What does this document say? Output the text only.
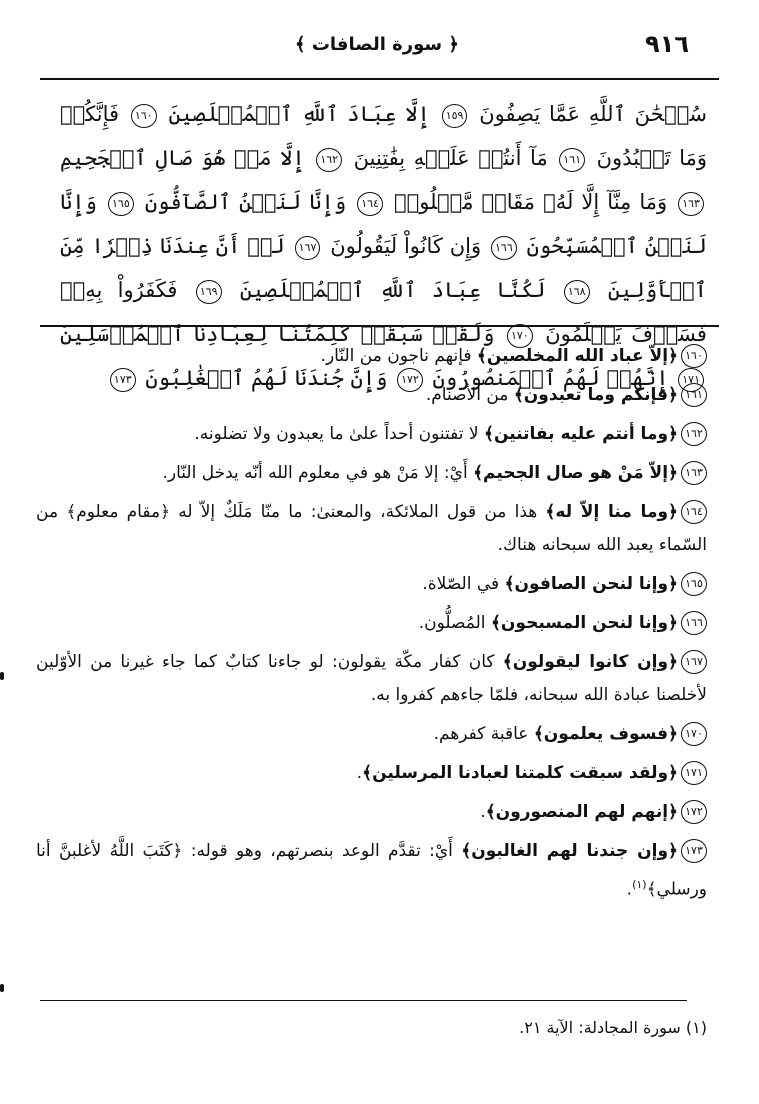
﴿ سورة الصافات ﴾	٩١٦
سُبۡحَٰنَ ٱللَّهِ عَمَّا يَصِفُونَ ١٥٩ إِلَّا عِبَادَ ٱللَّهِ ٱلۡمُخۡلَصِينَ ١٦٠ فَإِنَّكُمۡ وَمَا تَعۡبُدُونَ ١٦١ مَآ أَنتُمۡ عَلَيۡهِ بِفَٰتِنِينَ ١٦٢ إِلَّا مَنۡ هُوَ صَالِ ٱلۡجَحِيمِ ١٦٣ وَمَا مِنَّآ إِلَّا لَهُۥ مَقَامٞ مَّعۡلُومٞ ١٦٤ وَإِنَّا لَنَحۡنُ ٱلصَّآفُّونَ ١٦٥ وَإِنَّا لَنَحۡنُ ٱلۡمُسَبِّحُونَ ١٦٦ وَإِن كَانُواْ لَيَقُولُونَ ١٦٧ لَوۡ أَنَّ عِندَنَا ذِكۡرٗا مِّنَ ٱلۡأَوَّلِينَ ١٦٨ لَكُنَّا عِبَادَ ٱللَّهِ ٱلۡمُخۡلَصِينَ ١٦٩ فَكَفَرُواْ بِهِۦۖ فَسَوۡفَ يَعۡلَمُونَ ١٧٠ وَلَقَدۡ سَبَقَتۡ كَلِمَتُنَا لِعِبَادِنَا ٱلۡمُرۡسَلِينَ ١٧١ إِنَّهُمۡ لَهُمُ ٱلۡمَنصُورُونَ ١٧٢ وَإِنَّ جُندَنَا لَهُمُ ٱلۡغَٰلِبُونَ ١٧٣
١٦٠﴿إلاّ عباد الله المخلصين﴾ فإنهم ناجون من النّار.
١٦١﴿فإنكم وما تعبدون﴾ من الأصنام.
١٦٢﴿وما أنتم عليه بفاتنين﴾ لا تفتنون أحداً علىٰ ما يعبدون ولا تضلونه.
١٦٣﴿إلاّ مَنْ هو صال الجحيم﴾ أَيْ: إلا مَنْ هو في معلوم الله أنّه يدخل النّار.
١٦٤﴿وما منا إلاّ له﴾ هذا من قول الملائكة، والمعنىٰ: ما منّا مَلَكٌ إلاّ له ﴿مقام معلوم﴾ من السّماء يعبد الله سبحانه هناك.
١٦٥﴿وإنا لنحن الصافون﴾ في الصّلاة.
١٦٦﴿وإنا لنحن المسبحون﴾ المُصلُّون.
١٦٧﴿وإن كانوا ليقولون﴾ كان كفار مكّة يقولون: لو جاءنا كتابٌ كما جاء غيرنا من الأوّلين لأخلصنا عبادة الله سبحانه، فلمّا جاءهم كفروا به.
١٧٠﴿فسوف يعلمون﴾ عاقبة كفرهم.
١٧١﴿ولقد سبقت كلمتنا لعبادنا المرسلين﴾.
١٧٢﴿إنهم لهم المنصورون﴾.
١٧٣﴿وإن جندنا لهم الغالبون﴾ أَيْ: تقدَّم الوعد بنصرتهم، وهو قوله: ﴿كَتَبَ اللَّهُ لأغلبنَّ أنا ورسلي﴾$^{(١)}$.
(١) سورة المجادلة: الآية ٢١.
